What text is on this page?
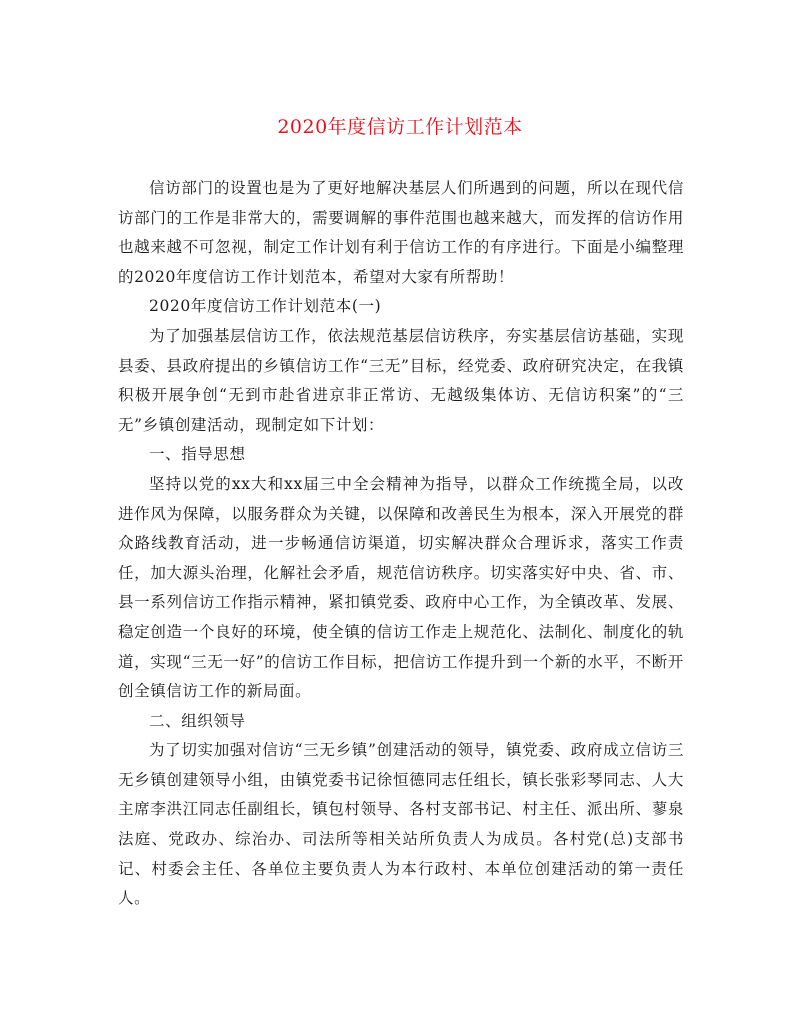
2020年度信访工作计划范本

信访部门的设置也是为了更好地解决基层人们所遇到的问题，所以在现代信访部门的工作是非常大的，需要调解的事件范围也越来越大，而发挥的信访作用也越来越不可忽视，制定工作计划有利于信访工作的有序进行。下面是小编整理的2020年度信访工作计划范本，希望对大家有所帮助！

2020年度信访工作计划范本(一)

为了加强基层信访工作，依法规范基层信访秩序，夯实基层信访基础，实现县委、县政府提出的乡镇信访工作“三无”目标，经党委、政府研究决定，在我镇积极开展争创“无到市赴省进京非正常访、无越级集体访、无信访积案”的“三无”乡镇创建活动，现制定如下计划：

一、指导思想

坚持以党的xx大和xx届三中全会精神为指导，以群众工作统揽全局，以改进作风为保障，以服务群众为关键，以保障和改善民生为根本，深入开展党的群众路线教育活动，进一步畅通信访渠道，切实解决群众合理诉求，落实工作责任，加大源头治理，化解社会矛盾，规范信访秩序。切实落实好中央、省、市、县一系列信访工作指示精神，紧扣镇党委、政府中心工作，为全镇改革、发展、稳定创造一个良好的环境，使全镇的信访工作走上规范化、法制化、制度化的轨道，实现“三无一好”的信访工作目标，把信访工作提升到一个新的水平，不断开创全镇信访工作的新局面。

二、组织领导

为了切实加强对信访“三无乡镇”创建活动的领导，镇党委、政府成立信访三无乡镇创建领导小组，由镇党委书记徐恒德同志任组长，镇长张彩琴同志、人大主席李洪江同志任副组长，镇包村领导、各村支部书记、村主任、派出所、蓼泉法庭、党政办、综治办、司法所等相关站所负责人为成员。各村党(总)支部书记、村委会主任、各单位主要负责人为本行政村、本单位创建活动的第一责任人。
